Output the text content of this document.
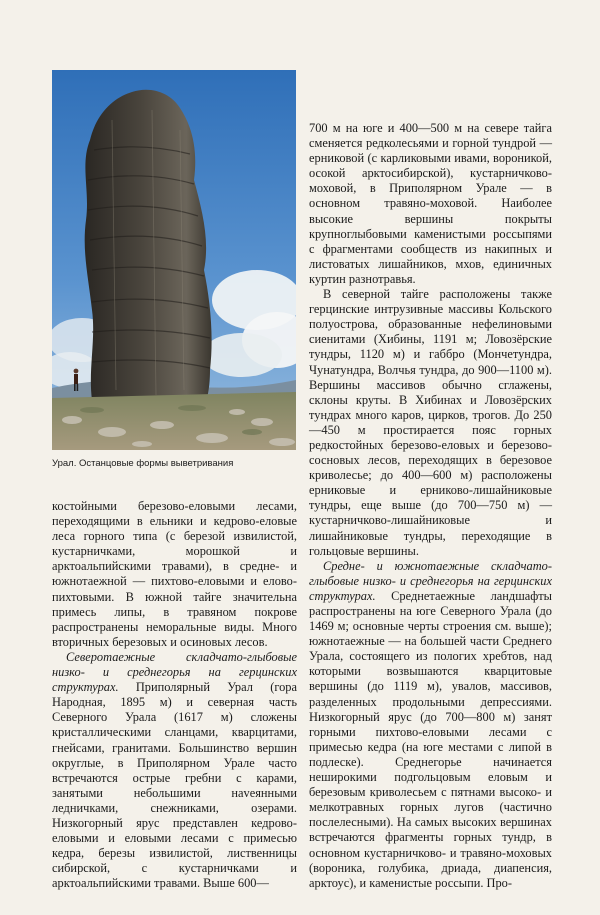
Урал. Останцовые формы выветривания

700 м на юге и 400—500 м на севере тайга сменяется редколесьями и горной тундрой — ерниковой (с карликовыми ивами, вороникой, осокой арктосибирской), кустарничково-моховой, в Приполярном Урале — в основном травяно-моховой. Наиболее высокие вершины покрыты крупноглыбовыми каменистыми россыпями с фрагментами сообществ из накипных и листоватых лишайников, мхов, единичных куртин разнотравья.

В северной тайге расположены также герцинские интрузивные массивы Кольского полуострова, образованные нефелиновыми сиенитами (Хибины, 1191 м; Ловозёрские тундры, 1120 м) и габбро (Мончетундра, Чунатундра, Волчья тундра, до 900—1100 м). Вершины массивов обычно сглажены, склоны круты. В Хибинах и Ловозёрских тундрах много каров, цирков, трогов. До 250—450 м простирается пояс горных редкостойных березово-еловых и березово-сосновых лесов, переходящих в березовое криволесье; до 400—600 м) расположены ерниковые и ерниково-лишайниковые тундры, еще выше (до 700—750 м) — кустарничково-лишайниковые и лишайниковые тундры, переходящие в гольцовые вершины.

Средне- и южнотаежные складчато-глыбовые низко- и среднегорья на герцинских структурах. Среднетаежные ландшафты распространены на юге Северного Урала (до 1469 м; основные черты строения см. выше); южнотаежные — на большей части Среднего Урала, состоящего из пологих хребтов, над которыми возвышаются кварцитовые вершины (до 1119 м), увалов, массивов, разделенных продольными депрессиями. Низкогорный ярус (до 700—800 м) занят горными пихтово-еловыми лесами с примесью кедра (на юге местами с липой в подлеске). Среднегорье начинается неширокими подгольцовым еловым и березовым криволесьем с пятнами высоко- и мелкотравных горных лугов (частично послелесными). На самых высоких вершинах встречаются фрагменты горных тундр, в основном кустарничково- и травяно-моховых (вороника, голубика, дриада, диапенсия, арктоус), и каменистые россыпи. Про-

костойными березово-еловыми лесами, переходящими в ельники и кедрово-еловые леса горного типа (с березой извилистой, кустарничками, морошкой и арктоальпийскими травами), в средне- и южнотаежной — пихтово-еловыми и елово-пихтовыми. В южной тайге значительна примесь липы, в травяном покрове распространены неморальные виды. Много вторичных березовых и осиновых лесов.

Северотаежные складчато-глыбовые низко- и среднегорья на герцинских структурах. Приполярный Урал (гора Народная, 1895 м) и северная часть Северного Урала (1617 м) сложены кристаллическими сланцами, кварцитами, гнейсами, гранитами. Большинство вершин округлые, в Приполярном Урале часто встречаются острые гребни с карами, занятыми небольшими наveянными ледничками, снежниками, озерами. Низкогорный ярус представлен кедрово-еловыми и еловыми лесами с примесью кедра, березы извилистой, лиственницы сибирской, с кустарничками и арктоальпийскими травами. Выше 600—
